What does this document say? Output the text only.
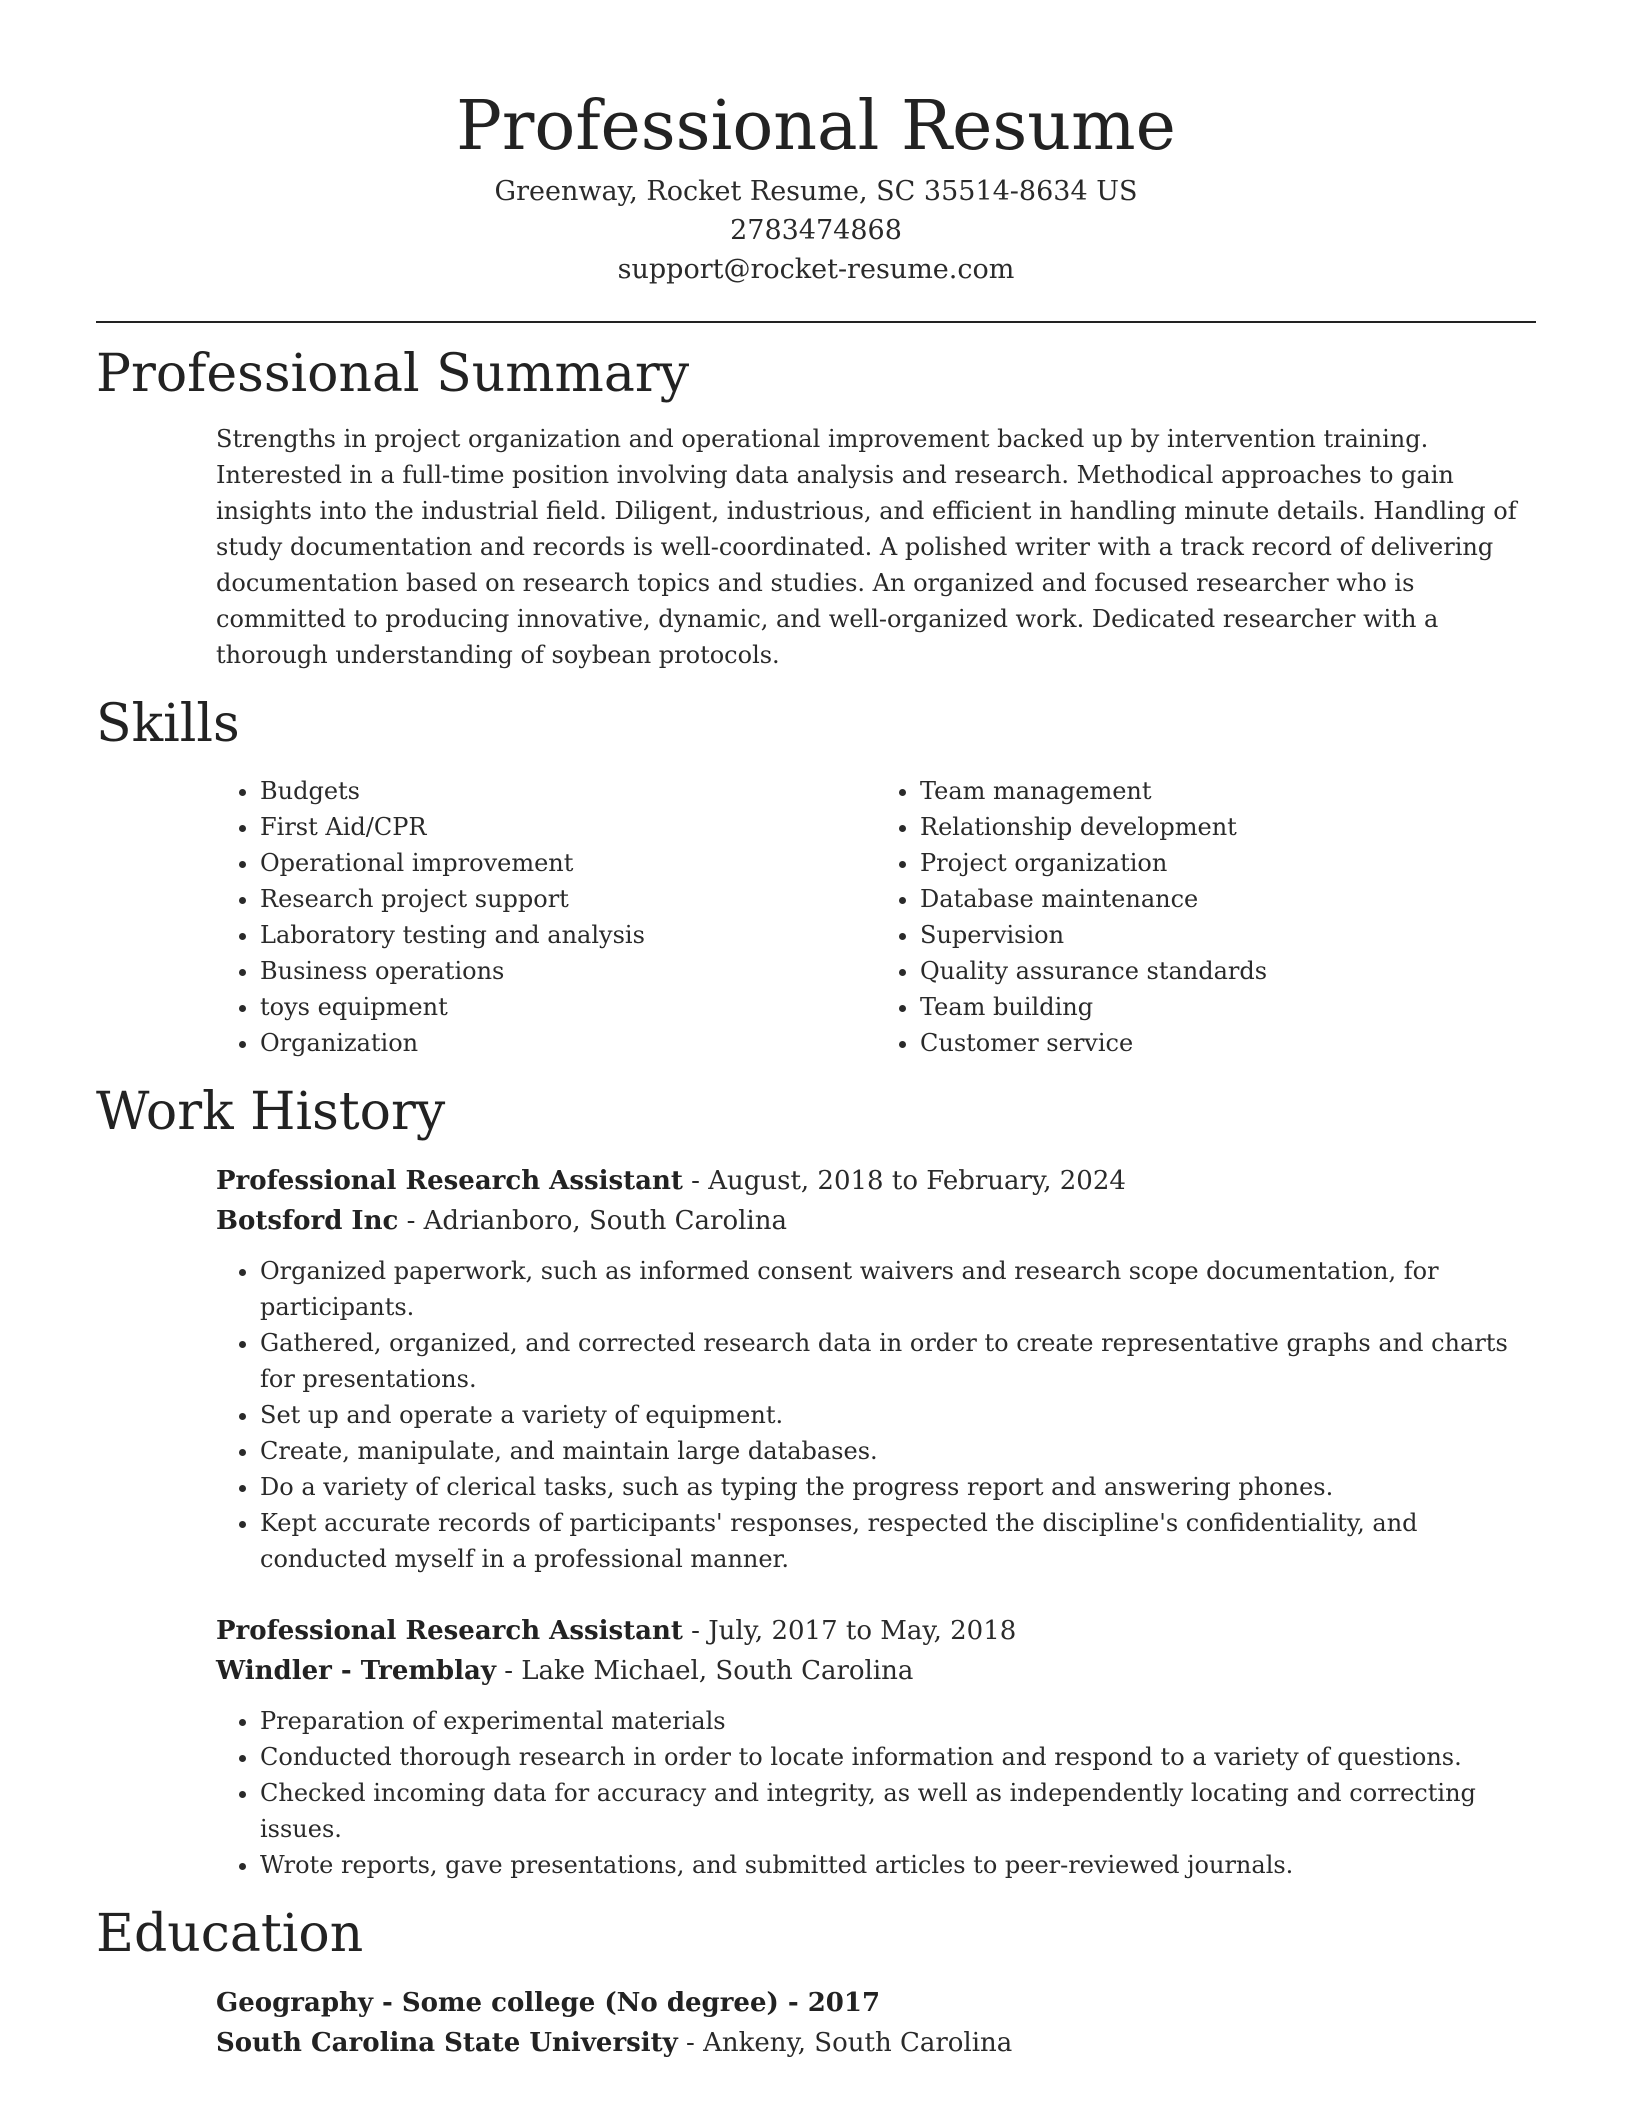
Professional Resume
Greenway, Rocket Resume, SC 35514-8634 US
2783474868
support@rocket-resume.com
Professional Summary

Strengths in project organization and operational improvement backed up by intervention training. Interested in a full-time position involving data analysis and research. Methodical approaches to gain insights into the industrial field. Diligent, industrious, and efficient in handling minute details. Handling of study documentation and records is well-coordinated. A polished writer with a track record of delivering documentation based on research topics and studies. An organized and focused researcher who is committed to producing innovative, dynamic, and well-organized work. Dedicated researcher with a thorough understanding of soybean protocols.

Skills
• Budgets
• First Aid/CPR
• Operational improvement
• Research project support
• Laboratory testing and analysis
• Business operations
• toys equipment
• Organization
• Team management
• Relationship development
• Project organization
• Database maintenance
• Supervision
• Quality assurance standards
• Team building
• Customer service
Work History
Professional Research Assistant - August, 2018 to February, 2024
Botsford Inc - Adrianboro, South Carolina
• Organized paperwork, such as informed consent waivers and research scope documentation, for participants.
• Gathered, organized, and corrected research data in order to create representative graphs and charts for presentations.
• Set up and operate a variety of equipment.
• Create, manipulate, and maintain large databases.
• Do a variety of clerical tasks, such as typing the progress report and answering phones.
• Kept accurate records of participants' responses, respected the discipline's confidentiality, and conducted myself in a professional manner.
Professional Research Assistant - July, 2017 to May, 2018
Windler - Tremblay - Lake Michael, South Carolina
• Preparation of experimental materials
• Conducted thorough research in order to locate information and respond to a variety of questions.
• Checked incoming data for accuracy and integrity, as well as independently locating and correcting issues.
• Wrote reports, gave presentations, and submitted articles to peer-reviewed journals.
Education
Geography - Some college (No degree) - 2017
South Carolina State University - Ankeny, South Carolina
